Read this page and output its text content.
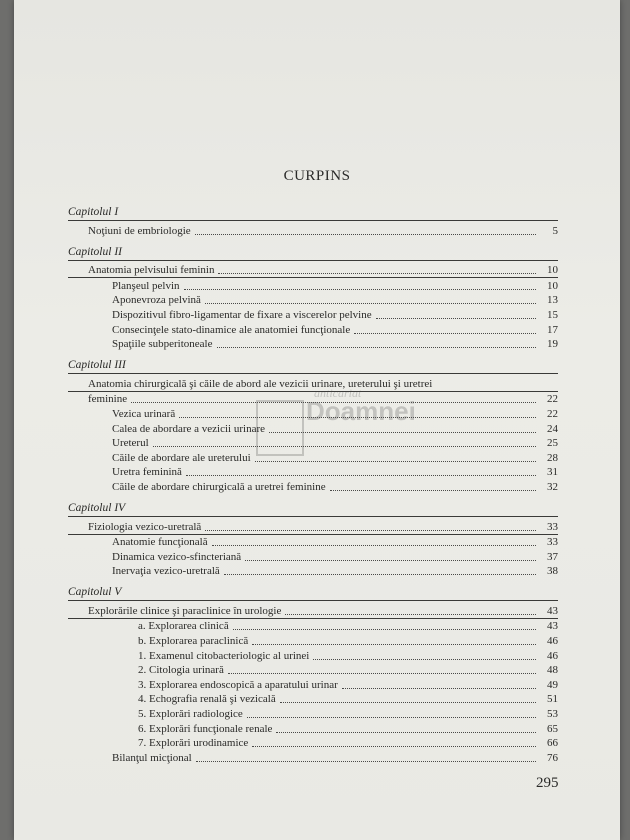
CURPINS
anticariat
Doamnei
Capitolul I
Noţiuni de embriologie	5
Capitolul II
Anatomia pelvisului feminin	10
Planşeul pelvin	10
Aponevroza pelvină	13
Dispozitivul fibro-ligamentar de fixare a viscerelor pelvine	15
Consecinţele stato-dinamice ale anatomiei funcţionale	17
Spaţiile subperitoneale	19
Capitolul III
Anatomia chirurgicală şi căile de abord ale vezicii urinare, ureterului şi uretrei
feminine	22
Vezica urinară	22
Calea de abordare a vezicii urinare	24
Ureterul	25
Căile de abordare ale ureterului	28
Uretra feminină	31
Căile de abordare chirurgicală a uretrei feminine	32
Capitolul IV
Fiziologia vezico-uretrală	33
Anatomie funcţională	33
Dinamica vezico-sfincteriană	37
Inervaţia vezico-uretrală	38
Capitolul V
Explorările clinice şi paraclinice în urologie	43
a. Explorarea clinică	43
b. Explorarea paraclinică	46
1. Examenul citobacteriologic al urinei	46
2. Citologia urinară	48
3. Explorarea endoscopică a aparatului urinar	49
4. Echografia renală şi vezicală	51
5. Explorări radiologice	53
6. Explorări funcţionale renale	65
7. Explorări urodinamice	66
Bilanţul micţional	76
295
